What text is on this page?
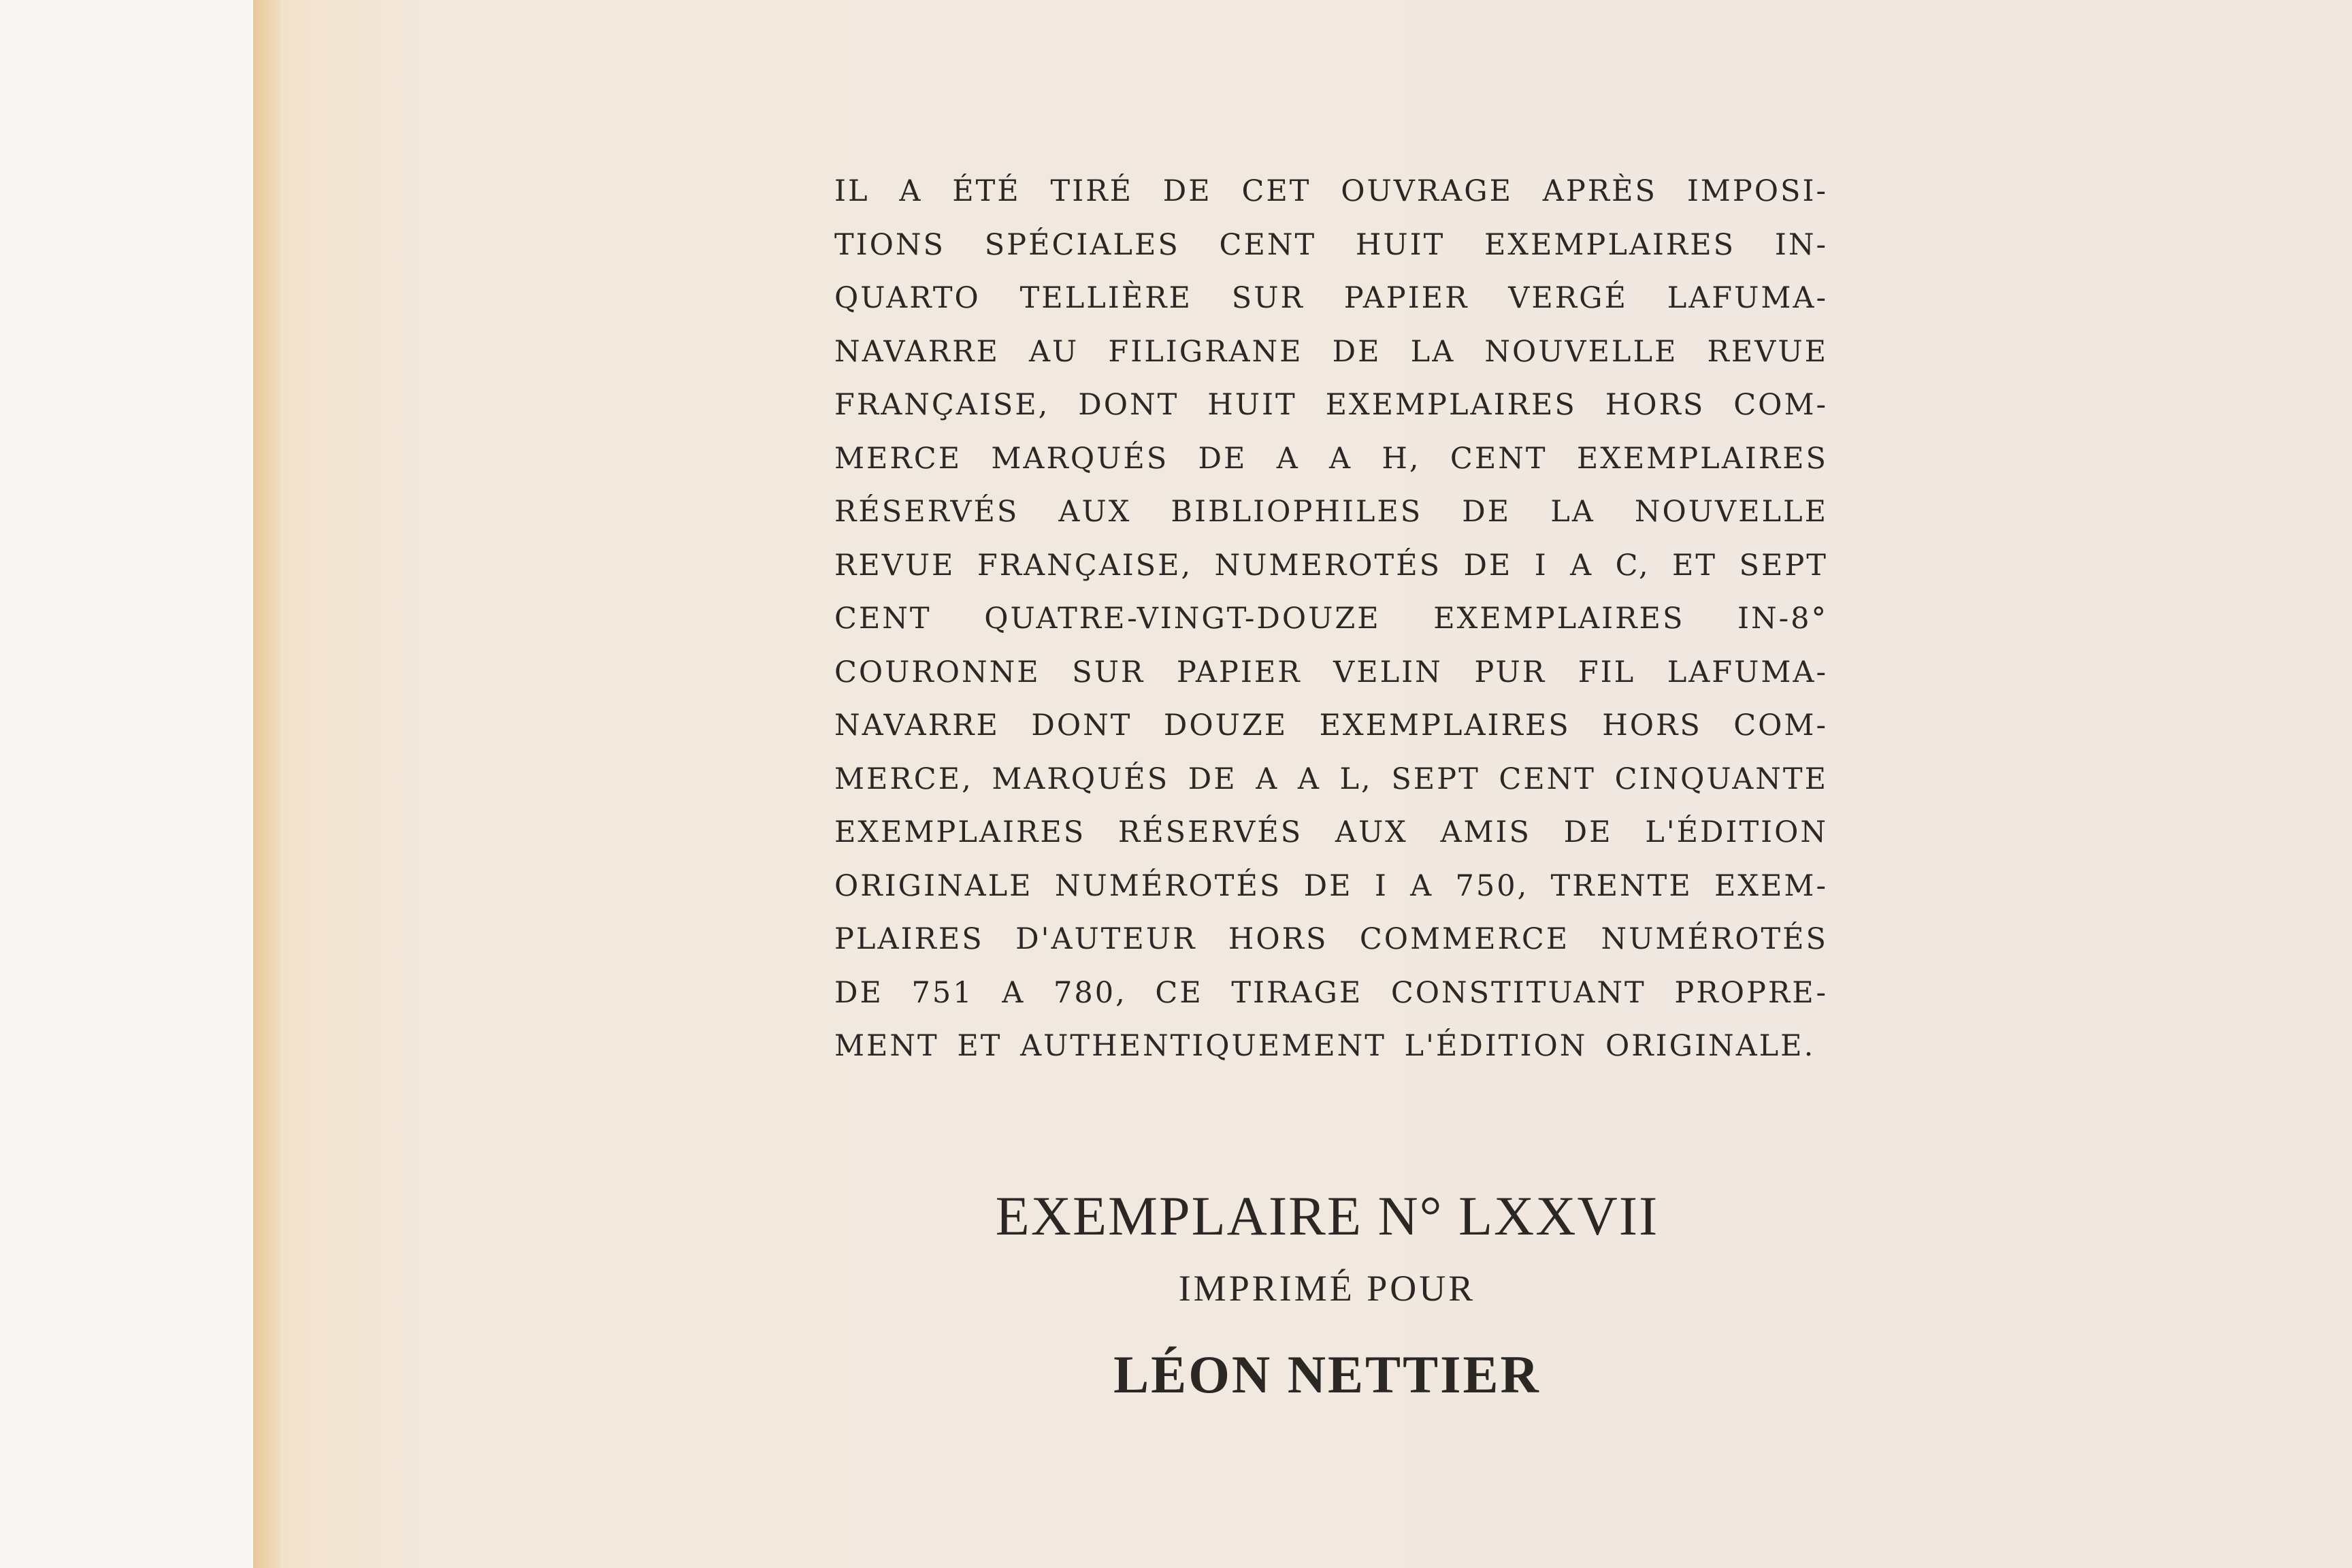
IL A ÉTÉ TIRÉ DE CET OUVRAGE APRÈS IMPOSI-
TIONS SPÉCIALES CENT HUIT EXEMPLAIRES IN-
QUARTO TELLIÈRE SUR PAPIER VERGÉ LAFUMA-
NAVARRE AU FILIGRANE DE LA NOUVELLE REVUE
FRANÇAISE, DONT HUIT EXEMPLAIRES HORS COM-
MERCE MARQUÉS DE A A H, CENT EXEMPLAIRES
RÉSERVÉS AUX BIBLIOPHILES DE LA NOUVELLE
REVUE FRANÇAISE, NUMEROTÉS DE I A C, ET SEPT
CENT QUATRE-VINGT-DOUZE EXEMPLAIRES IN-8°
COURONNE SUR PAPIER VELIN PUR FIL LAFUMA-
NAVARRE DONT DOUZE EXEMPLAIRES HORS COM-
MERCE, MARQUÉS DE A A L, SEPT CENT CINQUANTE
EXEMPLAIRES RÉSERVÉS AUX AMIS DE L'ÉDITION
ORIGINALE NUMÉROTÉS DE I A 750, TRENTE EXEM-
PLAIRES D'AUTEUR HORS COMMERCE NUMÉROTÉS
DE 751 A 780, CE TIRAGE CONSTITUANT PROPRE-
MENT ET AUTHENTIQUEMENT L'ÉDITION ORIGINALE.
EXEMPLAIRE N° LXXVII
IMPRIMÉ POUR
LÉON NETTIER
